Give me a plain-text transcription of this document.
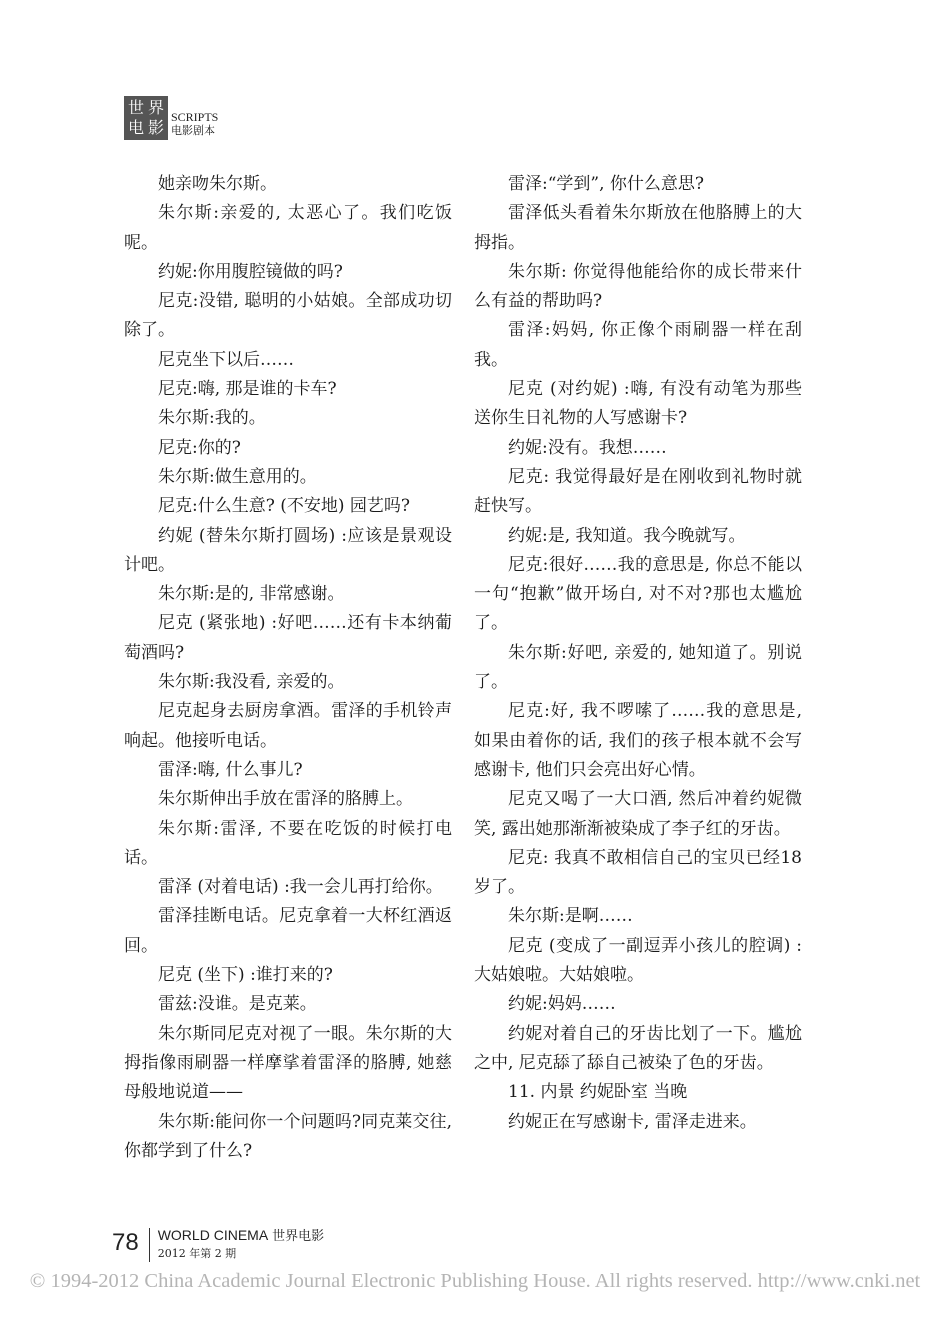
世界
电影
SCRIPTS
电影剧本

她亲吻朱尔斯。

朱尔斯:亲爱的, 太恶心了。我们吃饭呢。

约妮:你用腹腔镜做的吗?

尼克:没错, 聪明的小姑娘。全部成功切除了。

尼克坐下以后……

尼克:嗨, 那是谁的卡车?

朱尔斯:我的。

尼克:你的?

朱尔斯:做生意用的。

尼克:什么生意? (不安地) 园艺吗?

约妮 (替朱尔斯打圆场) :应该是景观设计吧。

朱尔斯:是的, 非常感谢。

尼克 (紧张地) :好吧……还有卡本纳葡萄酒吗?

朱尔斯:我没看, 亲爱的。

尼克起身去厨房拿酒。雷泽的手机铃声响起。他接听电话。

雷泽:嗨, 什么事儿?

朱尔斯伸出手放在雷泽的胳膊上。

朱尔斯:雷泽, 不要在吃饭的时候打电话。

雷泽 (对着电话) :我一会儿再打给你。

雷泽挂断电话。尼克拿着一大杯红酒返回。

尼克 (坐下) :谁打来的?

雷兹:没谁。是克莱。

朱尔斯同尼克对视了一眼。朱尔斯的大拇指像雨刷器一样摩挲着雷泽的胳膊, 她慈母般地说道——

朱尔斯:能问你一个问题吗?同克莱交往, 你都学到了什么?

雷泽:“学到”, 你什么意思?

雷泽低头看着朱尔斯放在他胳膊上的大拇指。

朱尔斯: 你觉得他能给你的成长带来什么有益的帮助吗?

雷泽:妈妈, 你正像个雨刷器一样在刮我。

尼克 (对约妮) :嗨, 有没有动笔为那些送你生日礼物的人写感谢卡?

约妮:没有。我想……

尼克: 我觉得最好是在刚收到礼物时就赶快写。

约妮:是, 我知道。我今晚就写。

尼克:很好……我的意思是, 你总不能以一句“抱歉”做开场白, 对不对?那也太尴尬了。

朱尔斯:好吧, 亲爱的, 她知道了。别说了。

尼克:好, 我不啰嗦了……我的意思是, 如果由着你的话, 我们的孩子根本就不会写感谢卡, 他们只会亮出好心情。

尼克又喝了一大口酒, 然后冲着约妮微笑, 露出她那渐渐被染成了李子红的牙齿。

尼克: 我真不敢相信自己的宝贝已经18岁了。

朱尔斯:是啊……

尼克 (变成了一副逗弄小孩儿的腔调) :大姑娘啦。大姑娘啦。

约妮:妈妈……

约妮对着自己的牙齿比划了一下。尴尬之中, 尼克舔了舔自己被染了色的牙齿。

11. 内景 约妮卧室 当晚

约妮正在写感谢卡, 雷泽走进来。

78 WORLD CINEMA 世界电影
2012 年第 2 期
© 1994-2012 China Academic Journal Electronic Publishing House. All rights reserved. http://www.cnki.net
